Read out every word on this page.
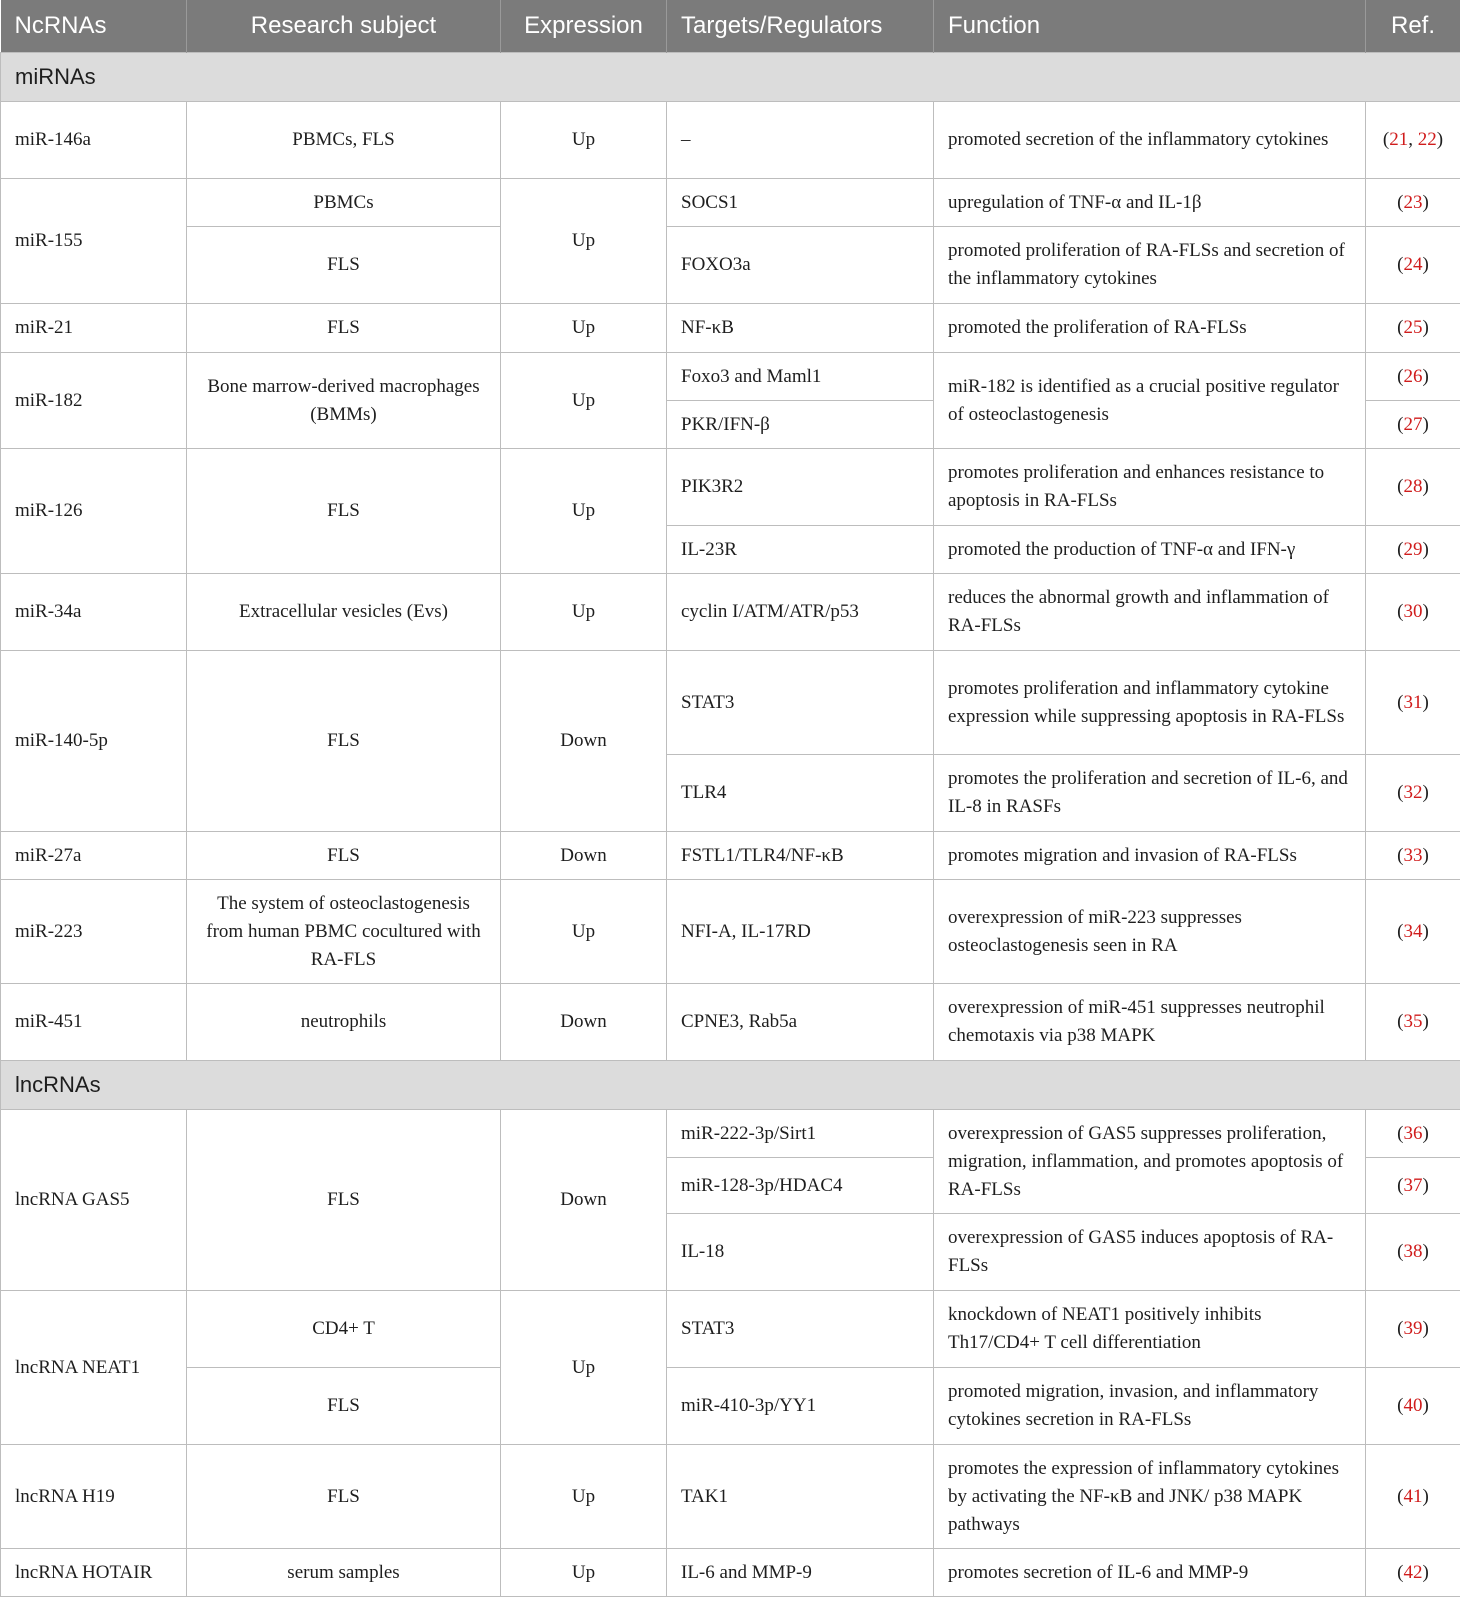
NcRNAs	Research subject	Expression	Targets/Regulators	Function	Ref.
miRNAs					
miR-146a	PBMCs, FLS	Up	–	promoted secretion of the inflammatory cytokines	(21, 22)
miR-155	PBMCs	Up	SOCS1	upregulation of TNF-α and IL-1β	(23)
	FLS		FOXO3a	promoted proliferation of RA-FLSs and secretion of the inflammatory cytokines	(24)
miR-21	FLS	Up	NF-κB	promoted the proliferation of RA-FLSs	(25)
miR-182	Bone marrow-derived macrophages (BMMs)	Up	Foxo3 and Maml1	miR-182 is identified as a crucial positive regulator of osteoclastogenesis	(26)
			PKR/IFN-β		(27)
miR-126	FLS	Up	PIK3R2	promotes proliferation and enhances resistance to apoptosis in RA-FLSs	(28)
			IL-23R	promoted the production of TNF-α and IFN-γ	(29)
miR-34a	Extracellular vesicles (Evs)	Up	cyclin I/ATM/ATR/p53	reduces the abnormal growth and inflammation of RA-FLSs	(30)
miR-140-5p	FLS	Down	STAT3	promotes proliferation and inflammatory cytokine expression while suppressing apoptosis in RA-FLSs	(31)
			TLR4	promotes the proliferation and secretion of IL-6, and IL-8 in RASFs	(32)
miR-27a	FLS	Down	FSTL1/TLR4/NF-κB	promotes migration and invasion of RA-FLSs	(33)
miR-223	The system of osteoclastogenesis from human PBMC cocultured with RA-FLS	Up	NFI-A, IL-17RD	overexpression of miR-223 suppresses osteoclastogenesis seen in RA	(34)
miR-451	neutrophils	Down	CPNE3, Rab5a	overexpression of miR-451 suppresses neutrophil chemotaxis via p38 MAPK	(35)
lncRNAs					
lncRNA GAS5	FLS	Down	miR-222-3p/Sirt1	overexpression of GAS5 suppresses proliferation, migration, inflammation, and promotes apoptosis of RA-FLSs	(36)
			miR-128-3p/HDAC4		(37)
			IL-18	overexpression of GAS5 induces apoptosis of RA-FLSs	(38)
lncRNA NEAT1	CD4+ T	Up	STAT3	knockdown of NEAT1 positively inhibits Th17/CD4+ T cell differentiation	(39)
	FLS		miR-410-3p/YY1	promoted migration, invasion, and inflammatory cytokines secretion in RA-FLSs	(40)
lncRNA H19	FLS	Up	TAK1	promotes the expression of inflammatory cytokines by activating the NF-κB and JNK/ p38 MAPK pathways	(41)
lncRNA HOTAIR	serum samples	Up	IL-6 and MMP-9	promotes secretion of IL-6 and MMP-9	(42)
